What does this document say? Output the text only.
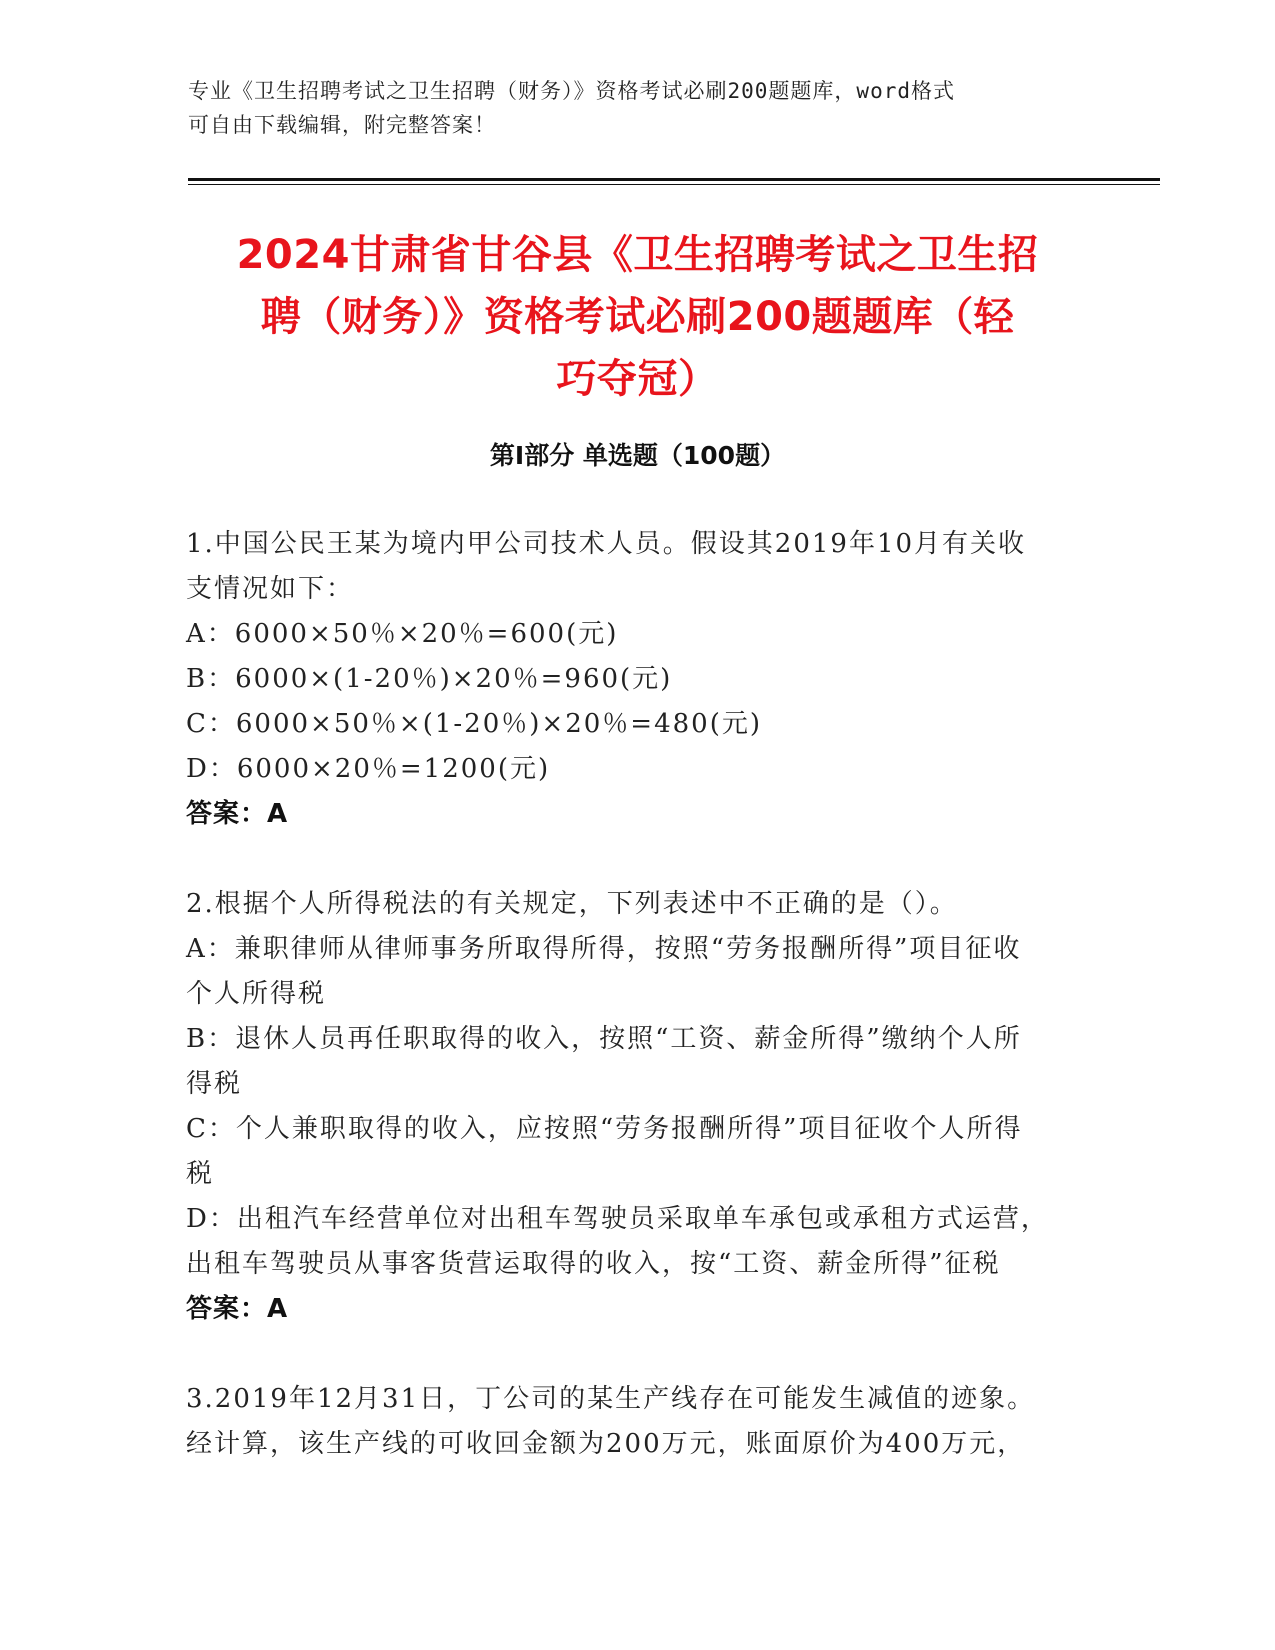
专业《卫生招聘考试之卫生招聘（财务）》资格考试必刷200题题库，word格式
可自由下载编辑，附完整答案！
2024甘肃省甘谷县《卫生招聘考试之卫生招
聘（财务）》资格考试必刷200题题库（轻
巧夺冠）
第I部分 单选题（100题）

1.中国公民王某为境内甲公司技术人员。假设其2019年10月有关收

支情况如下：

A：6000×50％×20％=600(元)

B：6000×(1-20％)×20％=960(元)

C：6000×50％×(1-20％)×20％=480(元)

D：6000×20％=1200(元)

答案：A

2.根据个人所得税法的有关规定，下列表述中不正确的是（）。

A：兼职律师从律师事务所取得所得，按照“劳务报酬所得”项目征收

个人所得税

B：退休人员再任职取得的收入，按照“工资、薪金所得”缴纳个人所

得税

C：个人兼职取得的收入，应按照“劳务报酬所得”项目征收个人所得

税

D：出租汽车经营单位对出租车驾驶员采取单车承包或承租方式运营，

出租车驾驶员从事客货营运取得的收入，按“工资、薪金所得”征税

答案：A

3.2019年12月31日，丁公司的某生产线存在可能发生减值的迹象。

经计算，该生产线的可收回金额为200万元，账面原价为400万元，
